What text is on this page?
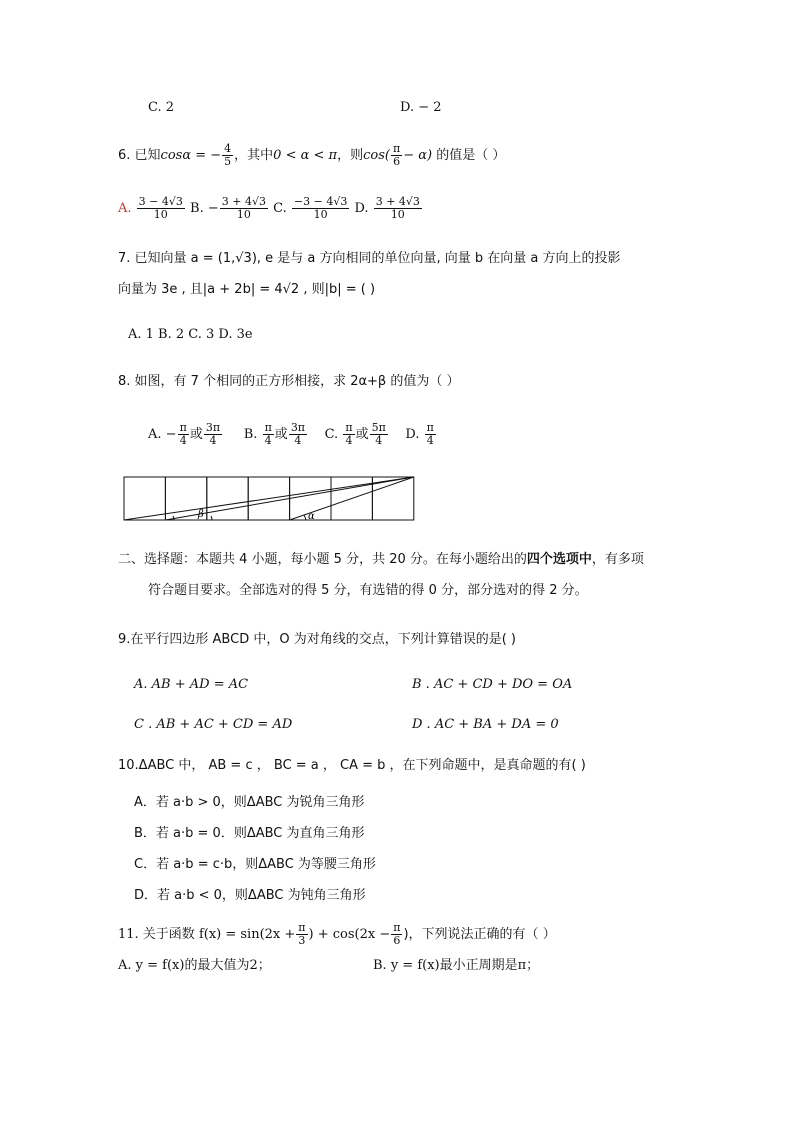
C. 2	D. − 2
6. 已知cosα = − $\frac{4}{5}$ ，其中0 < α < π，则$\cos( \frac{\pi}{6} - \alpha)$ 的值是（ ）
A. $\frac{3 - 4√3}{10} B$. − $\frac{3 + 4√3}{10} C$. $\frac{-3 - 4√3}{10} D$. $\frac{3 + 4√3}{10}$
7. 已知向量 a = (1,√3), e 是与 a 方向相同的单位向量, 向量 b 在向量 a 方向上的投影
向量为 3e , 且|a + 2b| = 4√2 , 则|b| = ( )
A. 1 B. 2 C. 3 D. 3e
8. 如图，有 7 个相同的正方形相接，求 2α+β 的值为（ ）
A. − $\frac{\pi}{4}$ 或 $\frac{3\pi}{4} B$. $\frac{\pi}{4}$ 或 $\frac{3\pi}{4} C$. $\frac{\pi}{4}$ 或 $\frac{5\pi}{4} D$. $\frac{\pi}{4}$
β	α
二、选择题：本题共 4 小题，每小题 5 分，共 20 分。在每小题给出的四个选项中，有多项
符合题目要求。全部选对的得 5 分，有选错的得 0 分，部分选对的得 2 分。
9.在平行四边形 ABCD 中，O 为对角线的交点，下列计算错误的是( )
A. AB + AD = AC	B . AC + CD + DO = OA
C . AB + AC + CD = AD	D . AC + BA + DA = 0
10.ΔABC 中， AB = c ， BC = a ， CA = b ，在下列命题中，是真命题的有( )
A．若 a·b > 0，则ΔABC 为锐角三角形
B．若 a·b = 0．则ΔABC 为直角三角形
C．若 a·b = c·b，则ΔABC 为等腰三角形
D．若 a·b < 0，则ΔABC 为钝角三角形
11. 关于函数 $f(x) = \sin(2x + \frac{\pi}{3}$ ) + $\cos(2x - \frac{\pi}{6}$ )，下列说法正确的有（ ）
A. y = f(x)的最大值为2；	B. y = f(x)最小正周期是π；
